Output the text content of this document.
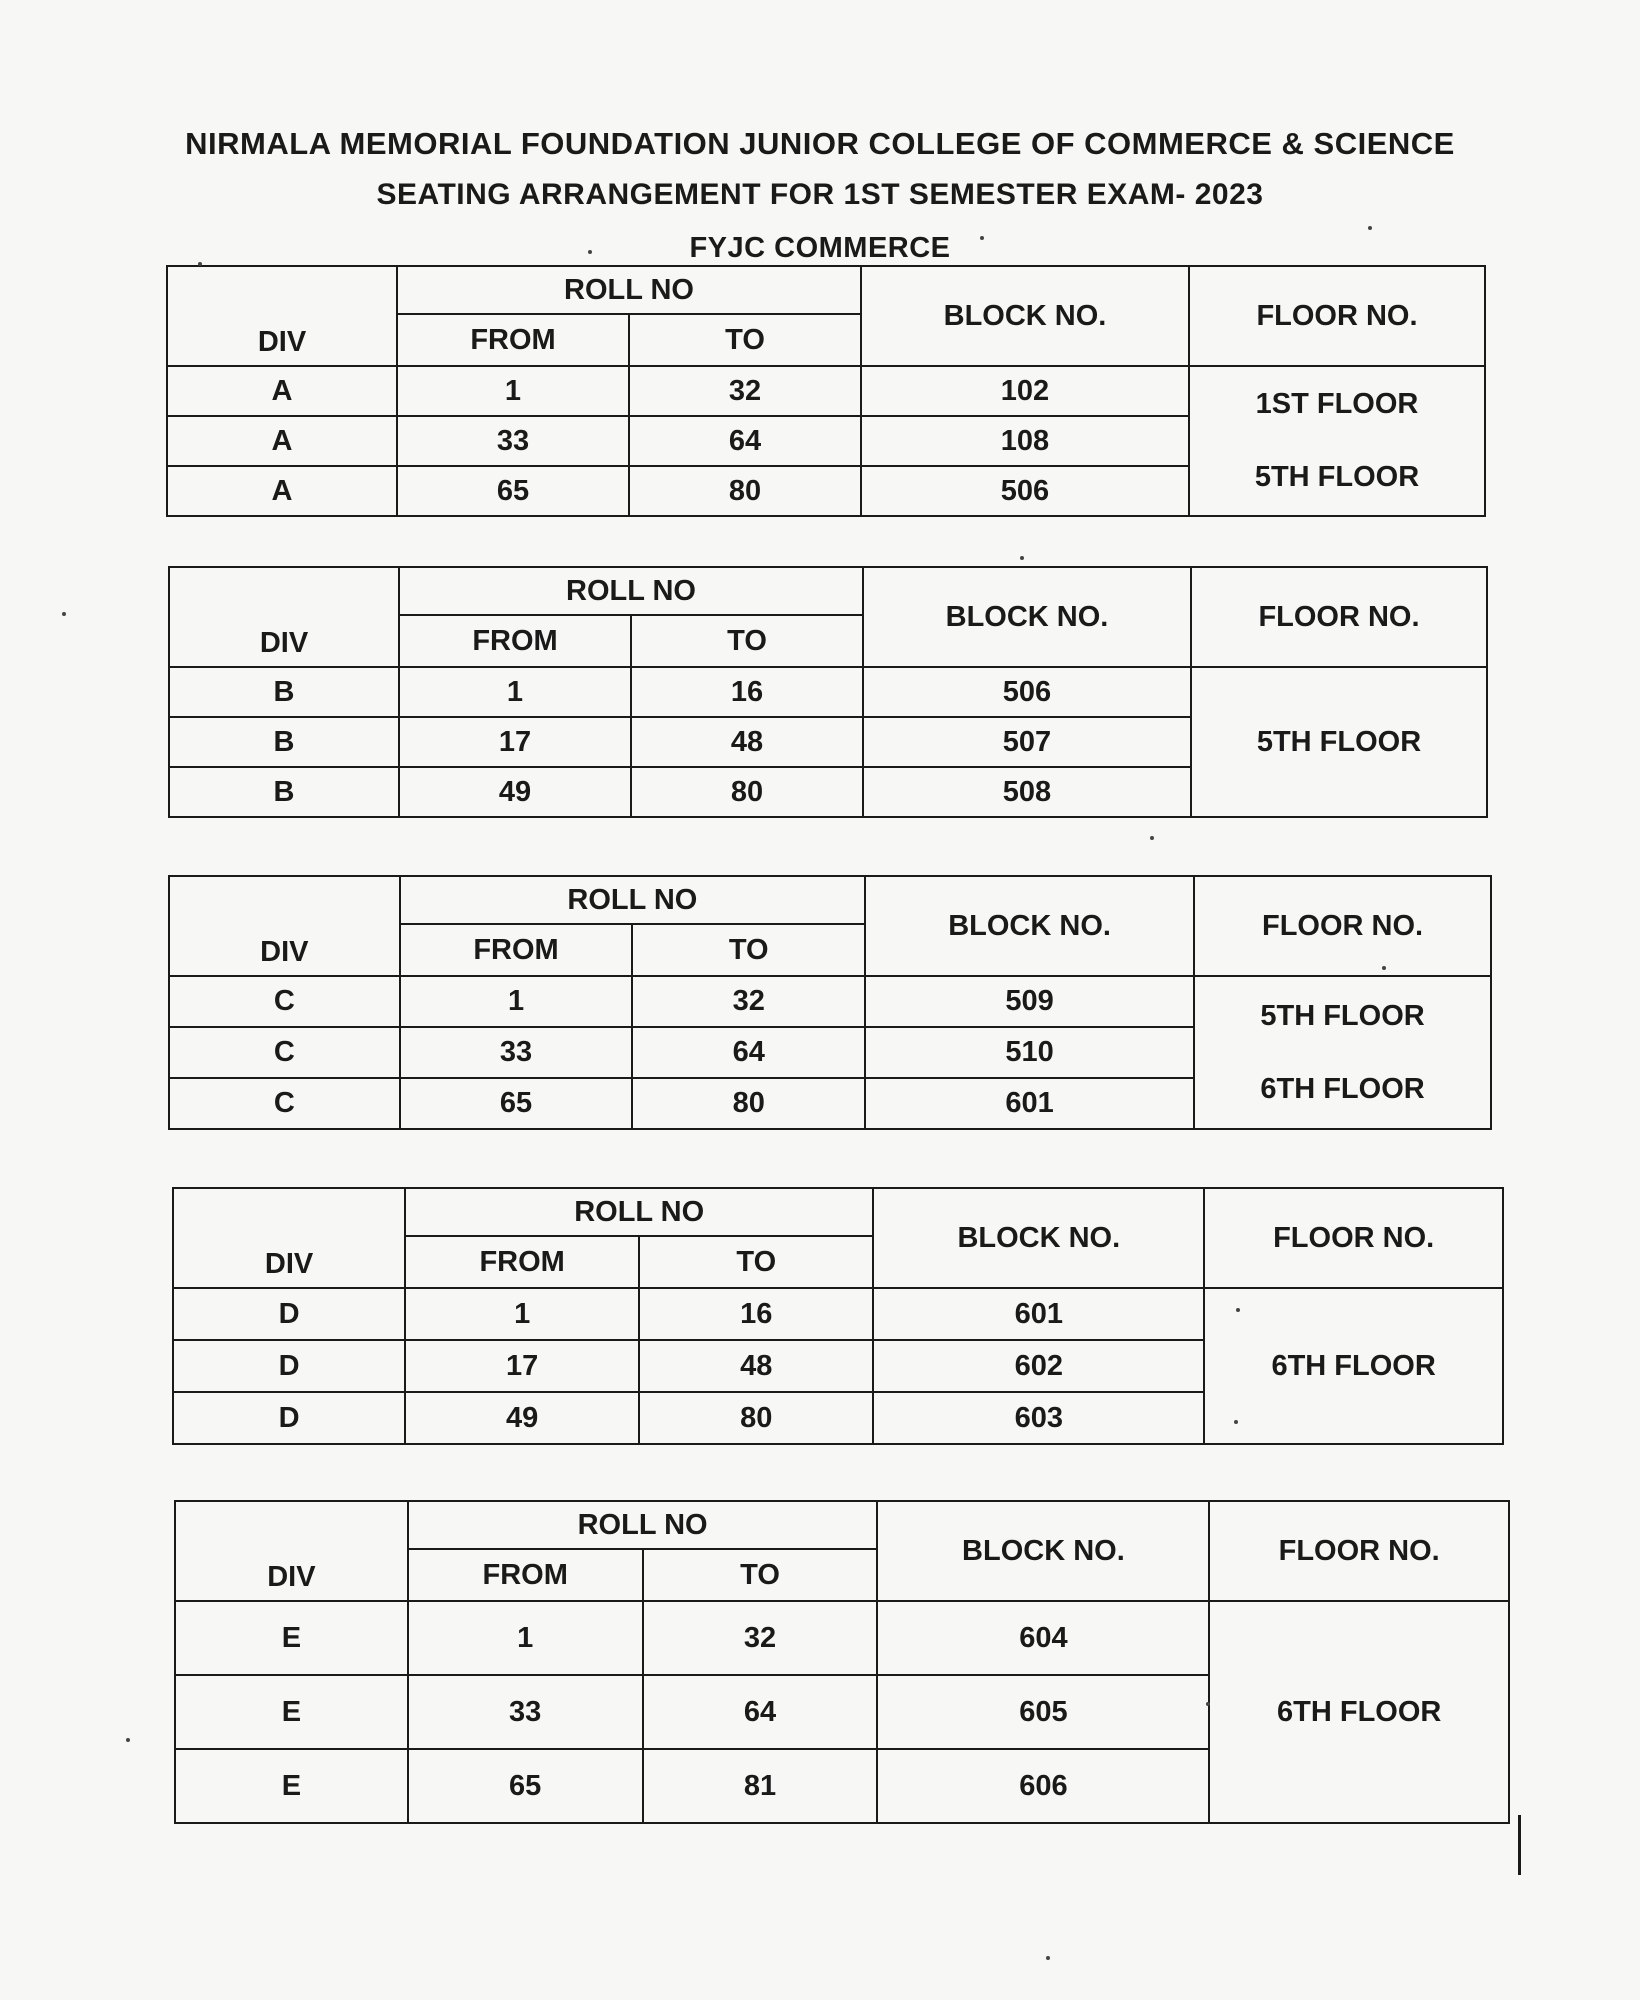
NIRMALA MEMORIAL FOUNDATION JUNIOR COLLEGE OF COMMERCE & SCIENCE

SEATING ARRANGEMENT FOR 1ST SEMESTER EXAM- 2023

FYJC COMMERCE

DIV	ROLL NO		BLOCK NO.	FLOOR NO.
	FROM	TO		
A	1	32	102	1ST FLOOR
5TH FLOOR

A	33	64	108	
A	65	80	506	
DIV	ROLL NO		BLOCK NO.	FLOOR NO.
	FROM	TO		
B	1	16	506	5TH FLOOR

B	17	48	507	
B	49	80	508	
DIV	ROLL NO		BLOCK NO.	FLOOR NO.
	FROM	TO		
C	1	32	509	5TH FLOOR
6TH FLOOR

C	33	64	510	
C	65	80	601	
DIV	ROLL NO		BLOCK NO.	FLOOR NO.
	FROM	TO		
D	1	16	601	6TH FLOOR

D	17	48	602	
D	49	80	603	
DIV	ROLL NO		BLOCK NO.	FLOOR NO.
	FROM	TO		
E	1	32	604	6TH FLOOR

E	33	64	605	
E	65	81	606	
